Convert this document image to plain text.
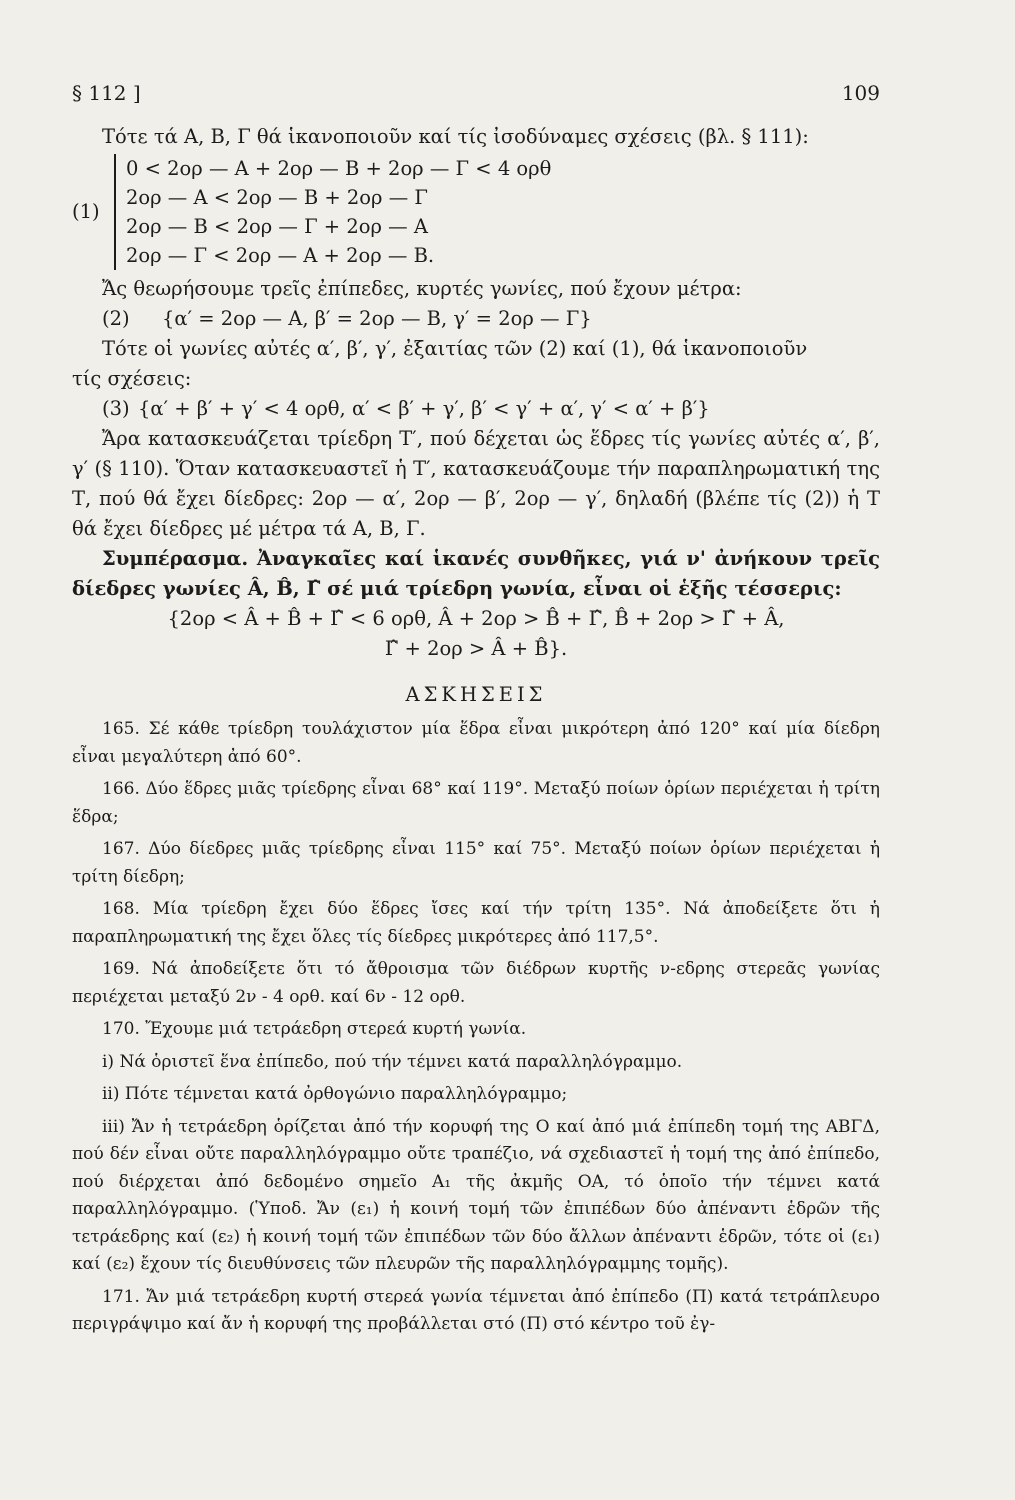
§ 112 ]	109

Τότε τά Α, Β, Γ θά ἱκανοποιοῦν καί τίς ἰσοδύναμες σχέσεις (βλ. § 111):

(1)
0 < 2ορ — Α + 2ορ — Β + 2ορ — Γ < 4 ορθ
2ορ — Α < 2ορ — Β + 2ορ — Γ
2ορ — Β < 2ορ — Γ + 2ορ — Α
2ορ — Γ < 2ορ — Α + 2ορ — Β.

Ἄς θεωρήσουμε τρεῖς ἐπίπεδες, κυρτές γωνίες, πού ἔχουν μέτρα:

(2)	{α′ = 2ορ — Α, β′ = 2ορ — Β, γ′ = 2ορ — Γ}

Τότε οἱ γωνίες αὐτές α′, β′, γ′, ἐξαιτίας τῶν (2) καί (1), θά ἱκανοποιοῦν

τίς σχέσεις:

(3) {α′ + β′ + γ′ < 4 ορθ, α′ < β′ + γ′, β′ < γ′ + α′, γ′ < α′ + β′}

Ἄρα κατασκευάζεται τρίεδρη Τ′, πού δέχεται ὡς ἕδρες τίς γωνίες αὐτές α′, β′, γ′ (§ 110). Ὅταν κατασκευαστεῖ ἡ Τ′, κατασκευάζουμε τήν παραπληρωματική της Τ, πού θά ἔχει δίεδρες: 2ορ — α′, 2ορ — β′, 2ορ — γ′, δηλαδή (βλέπε τίς (2)) ἡ Τ θά ἔχει δίεδρες μέ μέτρα τά Α, Β, Γ.

Συμπέρασμα. Ἀναγκαῖες καί ἱκανές συνθῆκες, γιά ν' ἀνήκουν τρεῖς δίεδρες γωνίες Â, B̂, Γ̂ σέ μιά τρίεδρη γωνία, εἶναι οἱ ἑξῆς τέσσερις:

{2ορ < Â + B̂ + Γ̂ < 6 ορθ, Â + 2ορ > B̂ + Γ̂, B̂ + 2ορ > Γ̂ + Â,

Γ̂ + 2ορ > Â + B̂}.

ΑΣΚΗΣΕΙΣ

165. Σέ κάθε τρίεδρη τουλάχιστον μία ἕδρα εἶναι μικρότερη ἀπό 120° καί μία δίεδρη εἶναι μεγαλύτερη ἀπό 60°.

166. Δύο ἕδρες μιᾶς τρίεδρης εἶναι 68° καί 119°. Μεταξύ ποίων ὁρίων περιέχεται ἡ τρίτη ἕδρα;

167. Δύο δίεδρες μιᾶς τρίεδρης εἶναι 115° καί 75°. Μεταξύ ποίων ὁρίων περιέχεται ἡ τρίτη δίεδρη;

168. Μία τρίεδρη ἔχει δύο ἕδρες ἴσες καί τήν τρίτη 135°. Νά ἀποδείξετε ὅτι ἡ παραπληρωματική της ἔχει ὅλες τίς δίεδρες μικρότερες ἀπό 117,5°.

169. Νά ἀποδείξετε ὅτι τό ἄθροισμα τῶν διέδρων κυρτῆς ν-εδρης στερεᾶς γωνίας περιέχεται μεταξύ 2ν - 4 ορθ. καί 6ν - 12 ορθ.

170. Ἔχουμε μιά τετράεδρη στερεά κυρτή γωνία.

i) Νά ὁριστεῖ ἕνα ἐπίπεδο, πού τήν τέμνει κατά παραλληλόγραμμο.

ii) Πότε τέμνεται κατά ὀρθογώνιο παραλληλόγραμμο;

iii) Ἄν ἡ τετράεδρη ὁρίζεται ἀπό τήν κορυφή της Ο καί ἀπό μιά ἐπίπεδη τομή της ΑΒΓΔ, πού δέν εἶναι οὔτε παραλληλόγραμμο οὔτε τραπέζιο, νά σχεδιαστεῖ ἡ τομή της ἀπό ἐπίπεδο, πού διέρχεται ἀπό δεδομένο σημεῖο Α₁ τῆς ἀκμῆς ΟΑ, τό ὁποῖο τήν τέμνει κατά παραλληλόγραμμο. (Ὑποδ. Ἄν (ε₁) ἡ κοινή τομή τῶν ἐπιπέδων δύο ἀπέναντι ἑδρῶν τῆς τετράεδρης καί (ε₂) ἡ κοινή τομή τῶν ἐπιπέδων τῶν δύο ἄλλων ἀπέναντι ἑδρῶν, τότε οἱ (ε₁) καί (ε₂) ἔχουν τίς διευθύνσεις τῶν πλευρῶν τῆς παραλληλόγραμμης τομῆς).

171. Ἄν μιά τετράεδρη κυρτή στερεά γωνία τέμνεται ἀπό ἐπίπεδο (Π) κατά τετράπλευρο περιγράψιμο καί ἄν ἡ κορυφή της προβάλλεται στό (Π) στό κέντρο τοῦ ἐγ-
